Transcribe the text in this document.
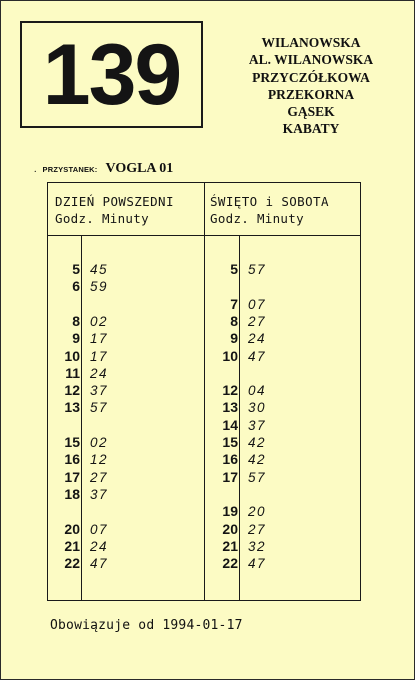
139	WILANOWSKA
AL. WILANOWSKA
PRZYCZÓŁKOWA
PRZEKORNA
GĄSEK
KABATY
. PRZYSTANEK: VOGLA 01
DZIEŃ POWSZEDNI
Godz. Minuty
ŚWIĘTO i SOBOTA
Godz. Minuty
5 45
6 59
8 02
9 17
10 17
11 24
12 37
13 57
15 02
16 12
17 27
18 37
20 07
21 24
22 47
5 57
7 07
8 27
9 24
10 47
12 04
13 30
14 37
15 42
16 42
17 57
19 20
20 27
21 32
22 47
Obowiązuje od 1994-01-17
